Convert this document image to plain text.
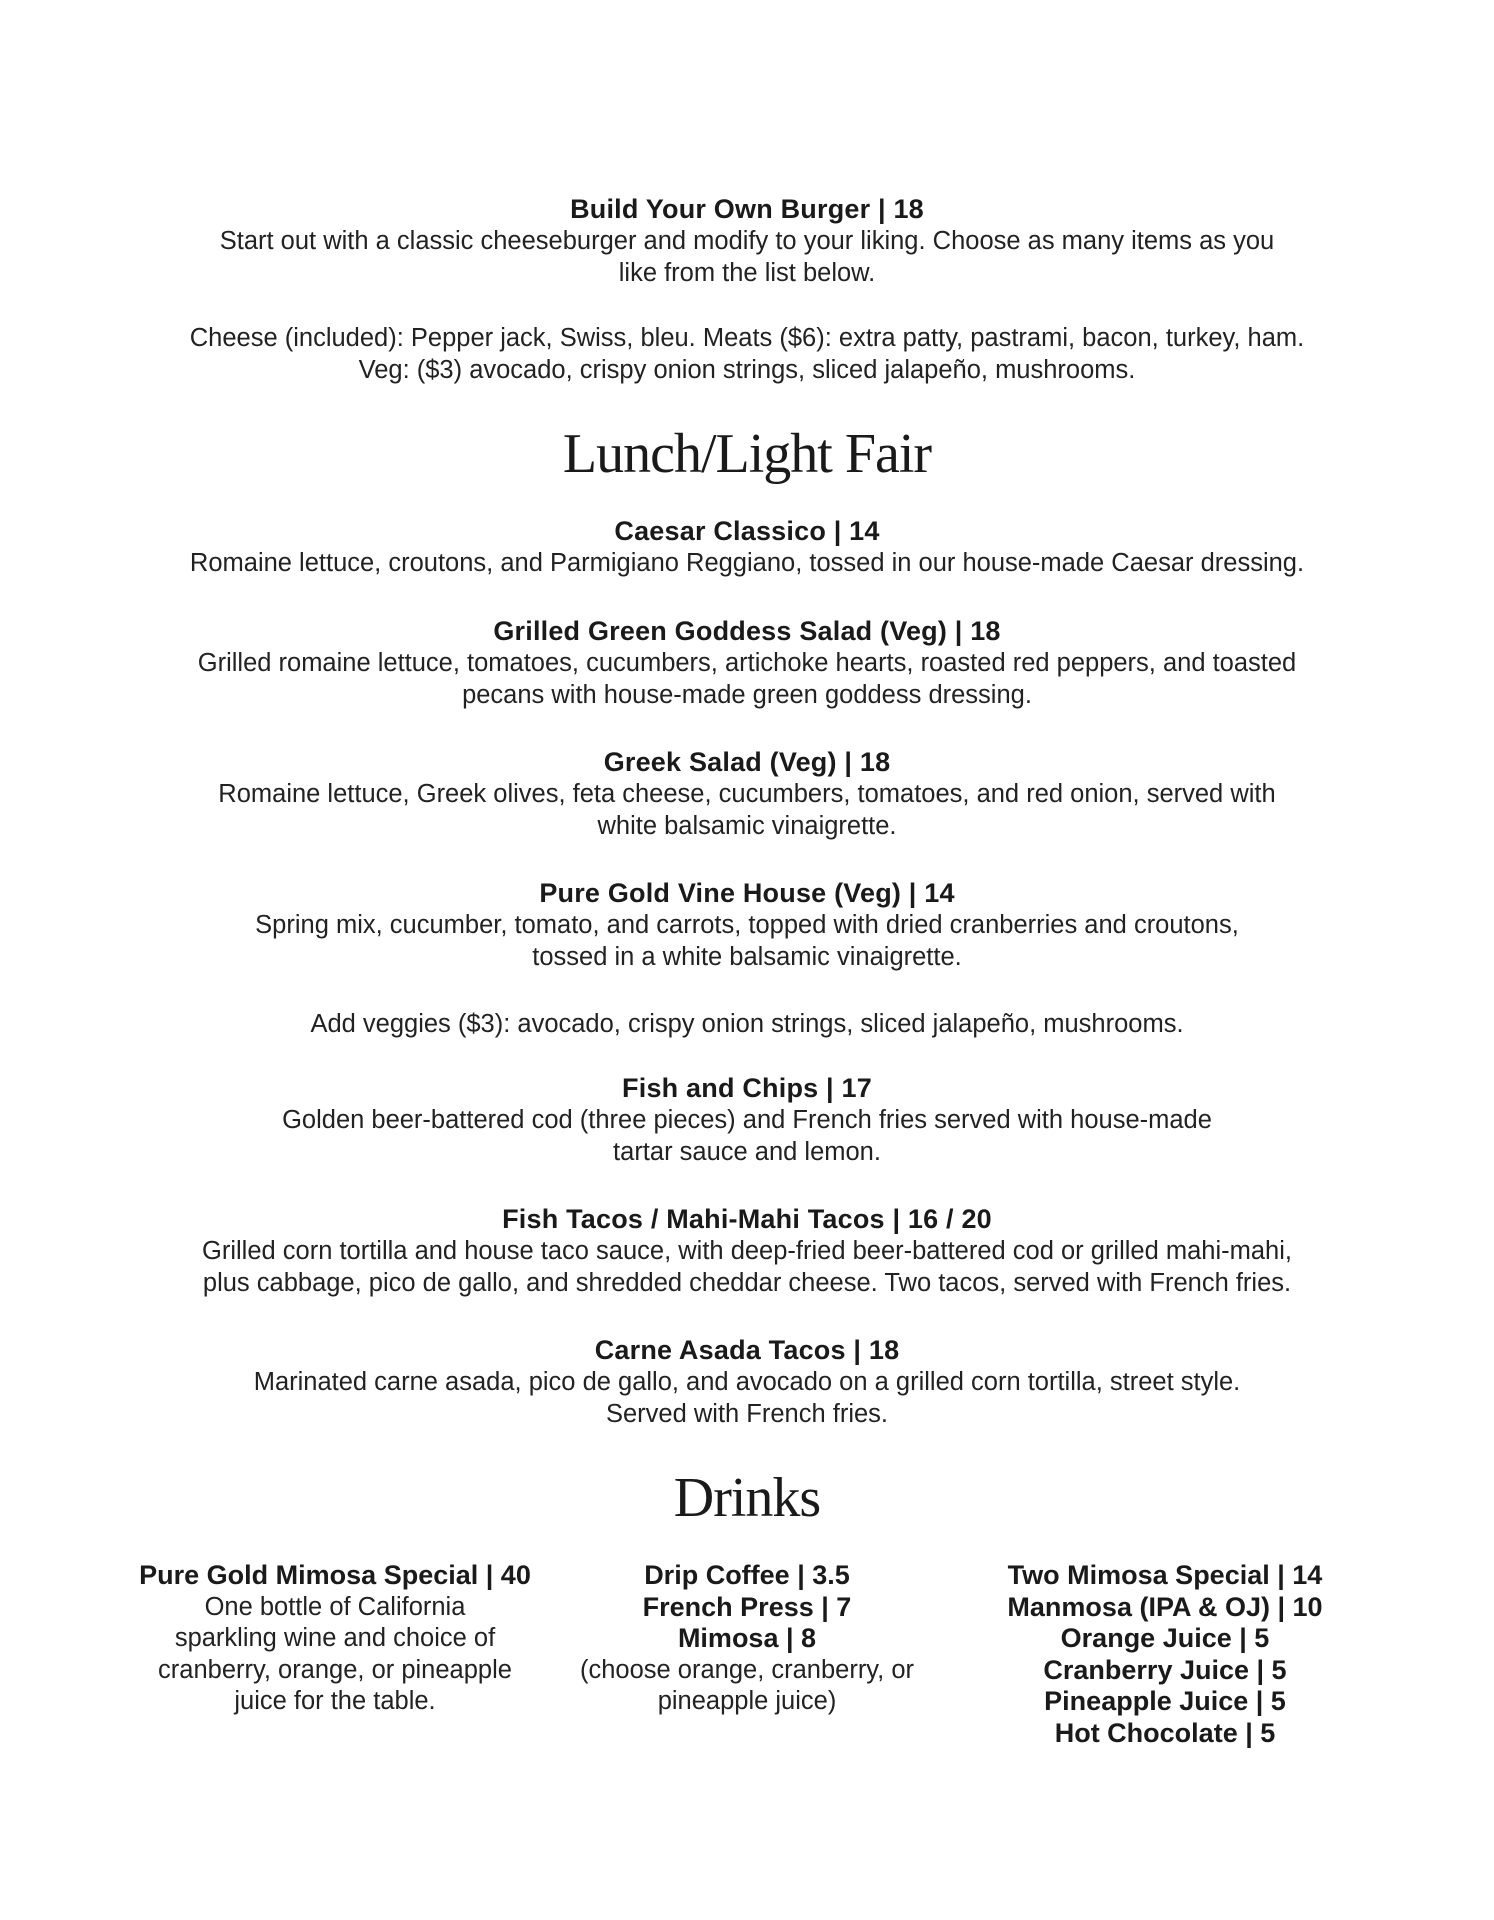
Build Your Own Burger | 18

Start out with a classic cheeseburger and modify to your liking. Choose as many items as you

like from the list below.

Cheese (included): Pepper jack, Swiss, bleu. Meats ($6): extra patty, pastrami, bacon, turkey, ham.

Veg: ($3) avocado, crispy onion strings, sliced jalapeño, mushrooms.

Lunch/Light Fair

Caesar Classico | 14

Romaine lettuce, croutons, and Parmigiano Reggiano, tossed in our house-made Caesar dressing.

Grilled Green Goddess Salad (Veg) | 18

Grilled romaine lettuce, tomatoes, cucumbers, artichoke hearts, roasted red peppers, and toasted

pecans with house-made green goddess dressing.

Greek Salad (Veg) | 18

Romaine lettuce, Greek olives, feta cheese, cucumbers, tomatoes, and red onion, served with

white balsamic vinaigrette.

Pure Gold Vine House (Veg) | 14

Spring mix, cucumber, tomato, and carrots, topped with dried cranberries and croutons,

tossed in a white balsamic vinaigrette.

Add veggies ($3): avocado, crispy onion strings, sliced jalapeño, mushrooms.

Fish and Chips | 17

Golden beer-battered cod (three pieces) and French fries served with house-made

tartar sauce and lemon.

Fish Tacos / Mahi-Mahi Tacos | 16 / 20

Grilled corn tortilla and house taco sauce, with deep-fried beer-battered cod or grilled mahi-mahi,

plus cabbage, pico de gallo, and shredded cheddar cheese. Two tacos, served with French fries.

Carne Asada Tacos | 18

Marinated carne asada, pico de gallo, and avocado on a grilled corn tortilla, street style.

Served with French fries.

Drinks

Pure Gold Mimosa Special | 40

One bottle of California

sparkling wine and choice of

cranberry, orange, or pineapple

juice for the table.

Drip Coffee | 3.5

French Press | 7

Mimosa | 8

(choose orange, cranberry, or

pineapple juice)

Two Mimosa Special | 14

Manmosa (IPA & OJ) | 10

Orange Juice | 5

Cranberry Juice | 5

Pineapple Juice | 5

Hot Chocolate | 5
